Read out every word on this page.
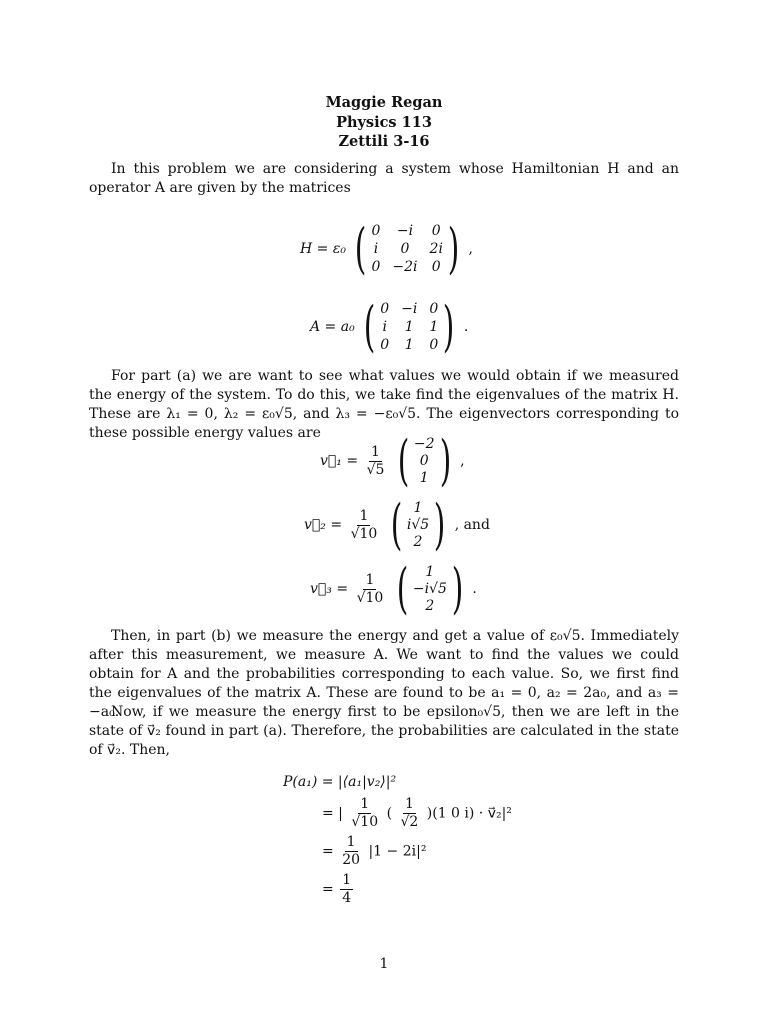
Maggie Regan
Physics 113
Zettili 3-16
In this problem we are considering a system whose Hamiltonian H and an operator A are given by the matrices
H = ε₀ ( 0	−i	0
i	0	2i
0 −2i 0 ) ,
A = a₀ ( 0 −i 0
i 1 1
0 1 0 ) .
For part (a) we are want to see what values we would obtain if we measured the energy of the system. To do this, we take find the eigenvalues of the matrix H. These are λ₁ = 0, λ₂ = ε₀√5, and λ₃ = −ε₀√5. The eigenvectors corresponding to these possible energy values are
v⃗₁ = $\frac{1}{√5}$
( −2
0
1 ) ,
v⃗₂ = $\frac{1}{√10}$
( 1
i√5
2 ) , and
v⃗₃ = $\frac{1}{√10}$
(	1
−i√5
2 ) .
Then, in part (b) we measure the energy and get a value of ε₀√5. Immediately after this measurement, we measure A. We want to find the values we could obtain for A and the probabilities corresponding to each value. So, we first find the eigenvalues of the matrix A. These are found to be a₁ = 0, a₂ = 2a₀, and a₃ = −a₀.
Now, if we measure the energy first to be epsilon₀√5, then we are left in the state of v⃗₂ found in part (a). Therefore, the probabilities are calculated in the state of v⃗₂. Then,
P(a₁) = |⟨a₁|v₂⟩|²
= | $\frac{1}{√10}$ ( $\frac{1}{√2} )(1$ 0 i) · v⃗₂|²
= $\frac{1}{20} |1 - 2i|^2$
= $\frac{1}{4}$
1
